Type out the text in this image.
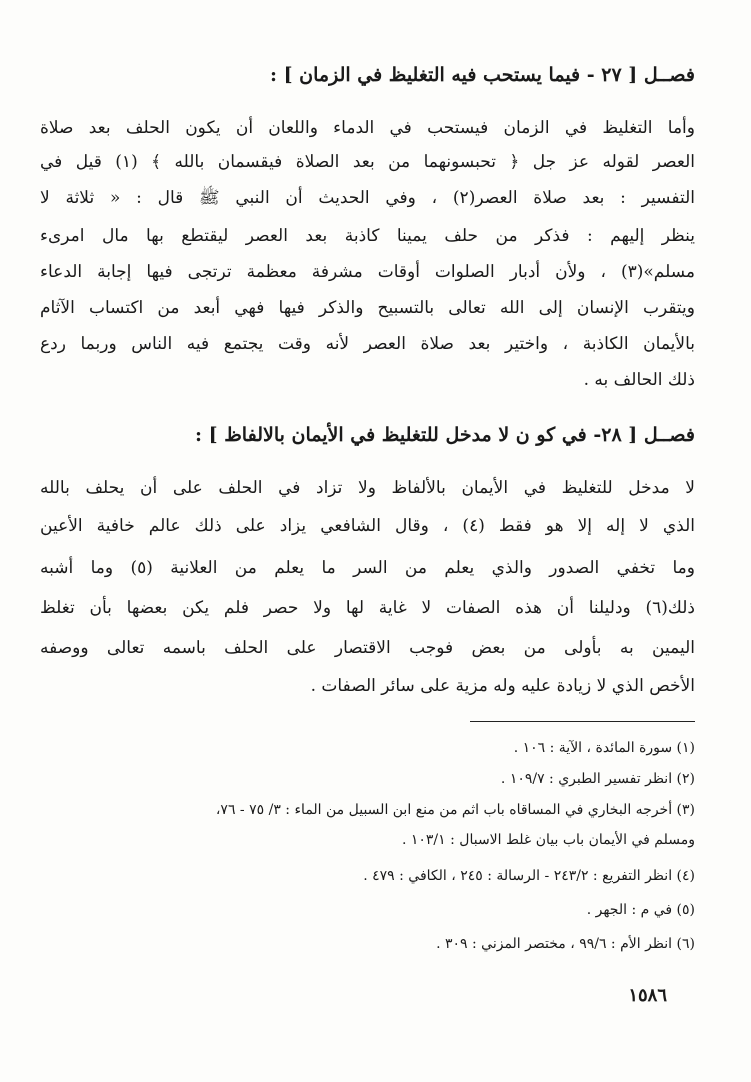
فصــل [ ٢٧ - فيما يستحب فيه التغليظ في الزمان ] :
وأما التغليظ في الزمان فيستحب في الدماء واللعان أن يكون الحلف بعد صلاة
العصر لقوله عز جل ﴿ تحبسونهما من بعد الصلاة فيقسمان بالله ﴾ (١) قيل في
التفسير : بعد صلاة العصر(٢) ، وفي الحديث أن النبي ﷺ قال : « ثلاثة لا
ينظر إليهم : فذكر من حلف يمينا كاذبة بعد العصر ليقتطع بها مال امرىء
مسلم»(٣) ، ولأن أدبار الصلوات أوقات مشرفة معظمة ترتجى فيها إجابة الدعاء
ويتقرب الإنسان إلى الله تعالى بالتسبيح والذكر فيها فهي أبعد من اكتساب الآثام
بالأيمان الكاذبة ، واختير بعد صلاة العصر لأنه وقت يجتمع فيه الناس وربما ردع
ذلك الحالف به .
فصــل [ ٢٨- في كو ن لا مدخل للتغليظ في الأيمان بالالفاظ ] :
لا مدخل للتغليظ في الأيمان بالألفاظ ولا تزاد في الحلف على أن يحلف بالله
الذي لا إله إلا هو فقط (٤) ، وقال الشافعي يزاد على ذلك عالم خافية الأعين
وما تخفي الصدور والذي يعلم من السر ما يعلم من العلانية (٥) وما أشبه
ذلك(٦) ودليلنا أن هذه الصفات لا غاية لها ولا حصر فلم يكن بعضها بأن تغلظ
اليمين به بأولى من بعض فوجب الاقتصار على الحلف باسمه تعالى ووصفه
الأخص الذي لا زيادة عليه وله مزية على سائر الصفات .
(١) سورة المائدة ، الآية : ١٠٦ .
(٢) انظر تفسير الطبري : ١٠٩/٧ .
(٣) أخرجه البخاري في المساقاه باب اثم من منع ابن السبيل من الماء : ٣/ ٧٥ - ٧٦،
ومسلم في الأيمان باب بيان غلط الاسبال : ١٠٣/١ .
(٤) انظر التفريع : ٢٤٣/٢ - الرسالة : ٢٤٥ ، الكافي : ٤٧٩ .
(٥) في م : الجهر .
(٦) انظر الأم : ٩٩/٦ ، مختصر المزني : ٣٠٩ .
١٥٨٦
